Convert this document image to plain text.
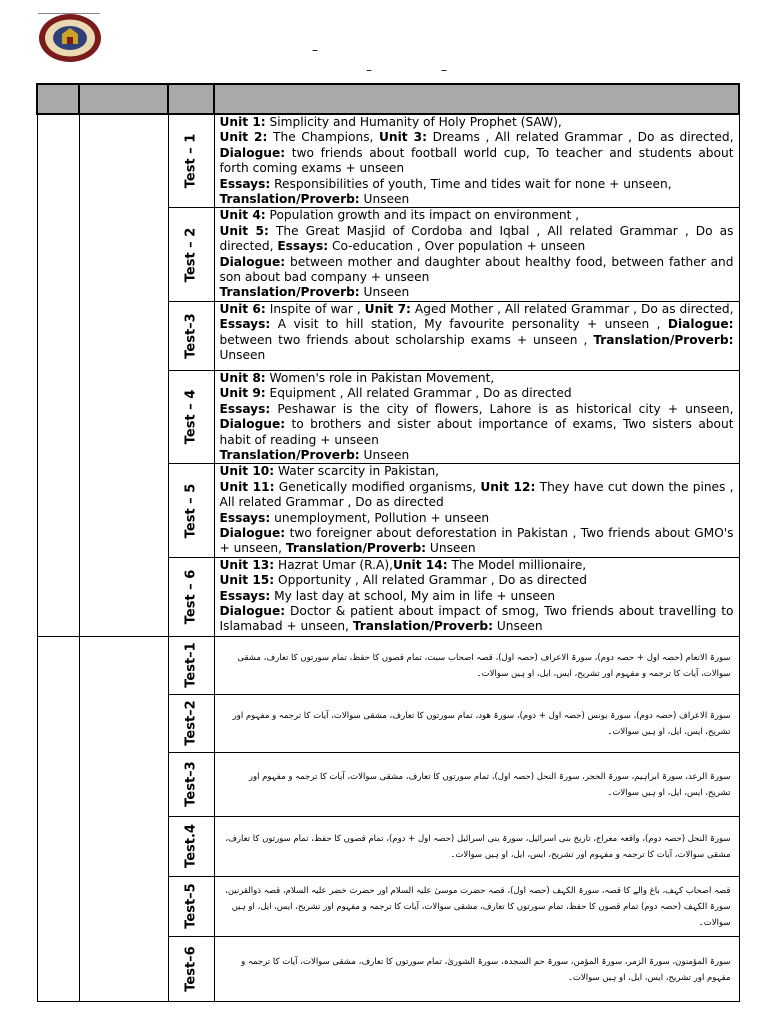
–
–	–

		Test – 1	Unit 1: Simplicity and Humanity of Holy Prophet (SAW),

Unit 2: The Champions, Unit 3: Dreams , All related Grammar , Do as directed, Dialogue: two friends about football world cup, To teacher and students about forth coming exams + unseen

Essays: Responsibilities of youth, Time and tides wait for none + unseen,

Translation/Proverb: Unseen

		Test – 2	Unit 4: Population growth and its impact on environment ,

Unit 5: The Great Masjid of Cordoba and Iqbal , All related Grammar , Do as directed, Essays: Co-education , Over population + unseen

Dialogue: between mother and daughter about healthy food, between father and son about bad company + unseen

Translation/Proverb: Unseen

		Test–3	Unit 6: Inspite of war , Unit 7: Aged Mother , All related Grammar , Do as directed, Essays: A visit to hill station, My favourite personality + unseen , Dialogue: between two friends about scholarship exams + unseen , Translation/Proverb: Unseen

		Test – 4	Unit 8: Women's role in Pakistan Movement,

Unit 9: Equipment , All related Grammar , Do as directed

Essays: Peshawar is the city of flowers, Lahore is as historical city + unseen, Dialogue: to brothers and sister about importance of exams, Two sisters about habit of reading + unseen

Translation/Proverb: Unseen

		Test – 5	Unit 10: Water scarcity in Pakistan,

Unit 11: Genetically modified organisms, Unit 12: They have cut down the pines , All related Grammar , Do as directed

Essays: unemployment, Pollution + unseen

Dialogue: two foreigner about deforestation in Pakistan , Two friends about GMO's + unseen, Translation/Proverb: Unseen

		Test – 6	Unit 13: Hazrat Umar (R.A),Unit 14: The Model millionaire,

Unit 15: Opportunity , All related Grammar , Do as directed

Essays: My last day at school, My aim in life + unseen

Dialogue: Doctor & patient about impact of smog, Two friends about travelling to Islamabad + unseen, Translation/Proverb: Unseen

		Test–1	سورۃ الانعام (حصہ اول + حصہ دوم)، سورۃ الاعراف (حصہ اول)، قصہ اصحاب سبت، تمام قصوں کا حفظ، تمام سورتوں کا تعارف، مشقی سوالات، آیات کا ترجمہ و مفہوم اور تشریح، ایس، ایل، او ہیں سوالات۔

		Test–2	سورۃ الاعراف (حصہ دوم)، سورۃ یونس (حصہ اول + دوم)، سورۃ ھود، تمام سورتوں کا تعارف، مشقی سوالات، آیات کا ترجمہ و مفہوم اور تشریح، ایس، ایل، او ہیں سوالات۔

		Test–3	سورۃ الرعد، سورۃ ابراہیم، سورۃ الحجر، سورۃ النحل (حصہ اول)، تمام سورتوں کا تعارف، مشقی سوالات، آیات کا ترجمہ و مفہوم اور تشریح، ایس، ایل، او ہیں سوالات۔

		Test.4	سورۃ النحل (حصہ دوم)، واقعہ معراج، تاریخ بنی اسرائیل، سورۃ بنی اسرائیل (حصہ اول + دوم)، تمام قصوں کا حفظ، تمام سورتوں کا تعارف، مشقی سوالات، آیات کا ترجمہ و مفہوم اور تشریح، ایس، ایل، او ہیں سوالات۔

		Test–5	قصہ اصحاب کہف، باغ والے کا قصہ، سورۃ الکہف (حصہ اول)، قصہ حضرت موسیٰ علیہ السلام اور حضرت خضر علیہ السلام، قصہ ذوالقرنین، سورۃ الکہف (حصہ دوم) تمام قصوں کا حفظ، تمام سورتوں کا تعارف، مشقی سوالات، آیات کا ترجمہ و مفہوم اور تشریح، ایس، ایل، او ہیں سوالات۔

		Test–6	سورۃ المؤمنون، سورۃ الزمر، سورۃ المؤمن، سورۃ حم السجدہ، سورۃ الشوریٰ، تمام سورتوں کا تعارف، مشقی سوالات، آیات کا ترجمہ و مفہوم اور تشریح، ایس، ایل، او ہیں سوالات۔
